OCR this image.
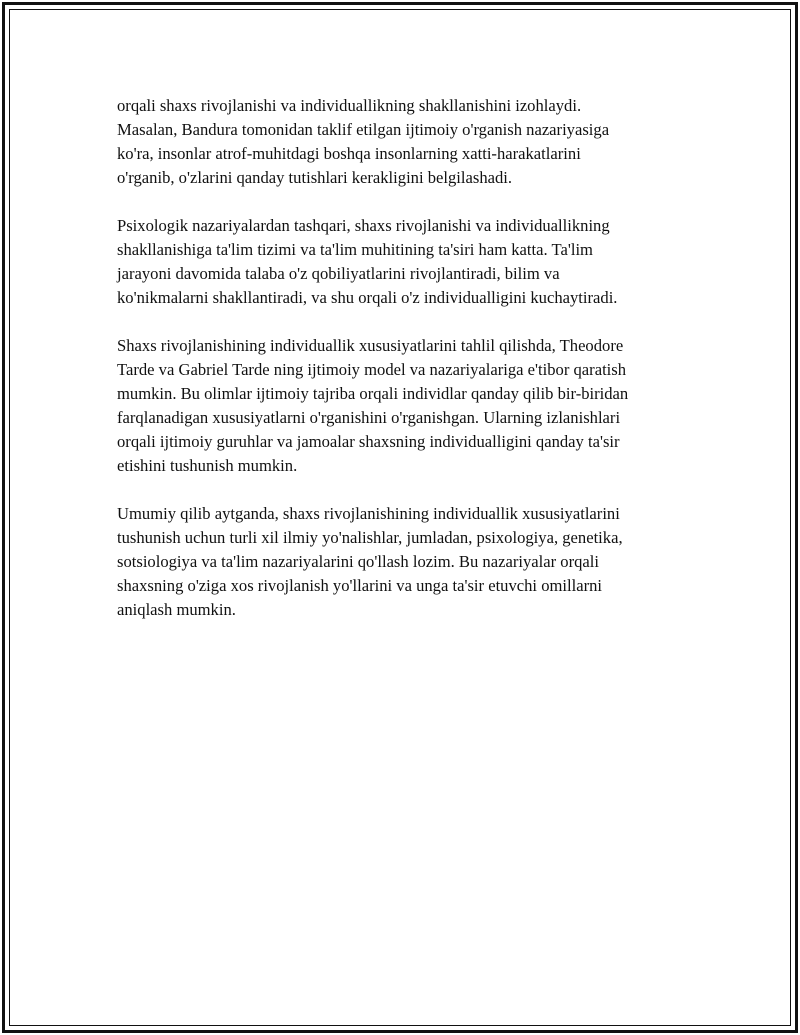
orqali shaxs rivojlanishi va individuallikning shakllanishini izohlaydi.
Masalan, Bandura tomonidan taklif etilgan ijtimoiy o'rganish nazariyasiga
ko'ra, insonlar atrof-muhitdagi boshqa insonlarning xatti-harakatlarini
o'rganib, o'zlarini qanday tutishlari kerakligini belgilashadi.

Psixologik nazariyalardan tashqari, shaxs rivojlanishi va individuallikning
shakllanishiga ta'lim tizimi va ta'lim muhitining ta'siri ham katta. Ta'lim
jarayoni davomida talaba o'z qobiliyatlarini rivojlantiradi, bilim va
ko'nikmalarni shakllantiradi, va shu orqali o'z individualligini kuchaytiradi.

Shaxs rivojlanishining individuallik xususiyatlarini tahlil qilishda, Theodore
Tarde va Gabriel Tarde ning ijtimoiy model va nazariyalariga e'tibor qaratish
mumkin. Bu olimlar ijtimoiy tajriba orqali individlar qanday qilib bir-biridan
farqlanadigan xususiyatlarni o'rganishini o'rganishgan. Ularning izlanishlari
orqali ijtimoiy guruhlar va jamoalar shaxsning individualligini qanday ta'sir
etishini tushunish mumkin.

Umumiy qilib aytganda, shaxs rivojlanishining individuallik xususiyatlarini
tushunish uchun turli xil ilmiy yo'nalishlar, jumladan, psixologiya, genetika,
sotsiologiya va ta'lim nazariyalarini qo'llash lozim. Bu nazariyalar orqali
shaxsning o'ziga xos rivojlanish yo'llarini va unga ta'sir etuvchi omillarni
aniqlash mumkin.
